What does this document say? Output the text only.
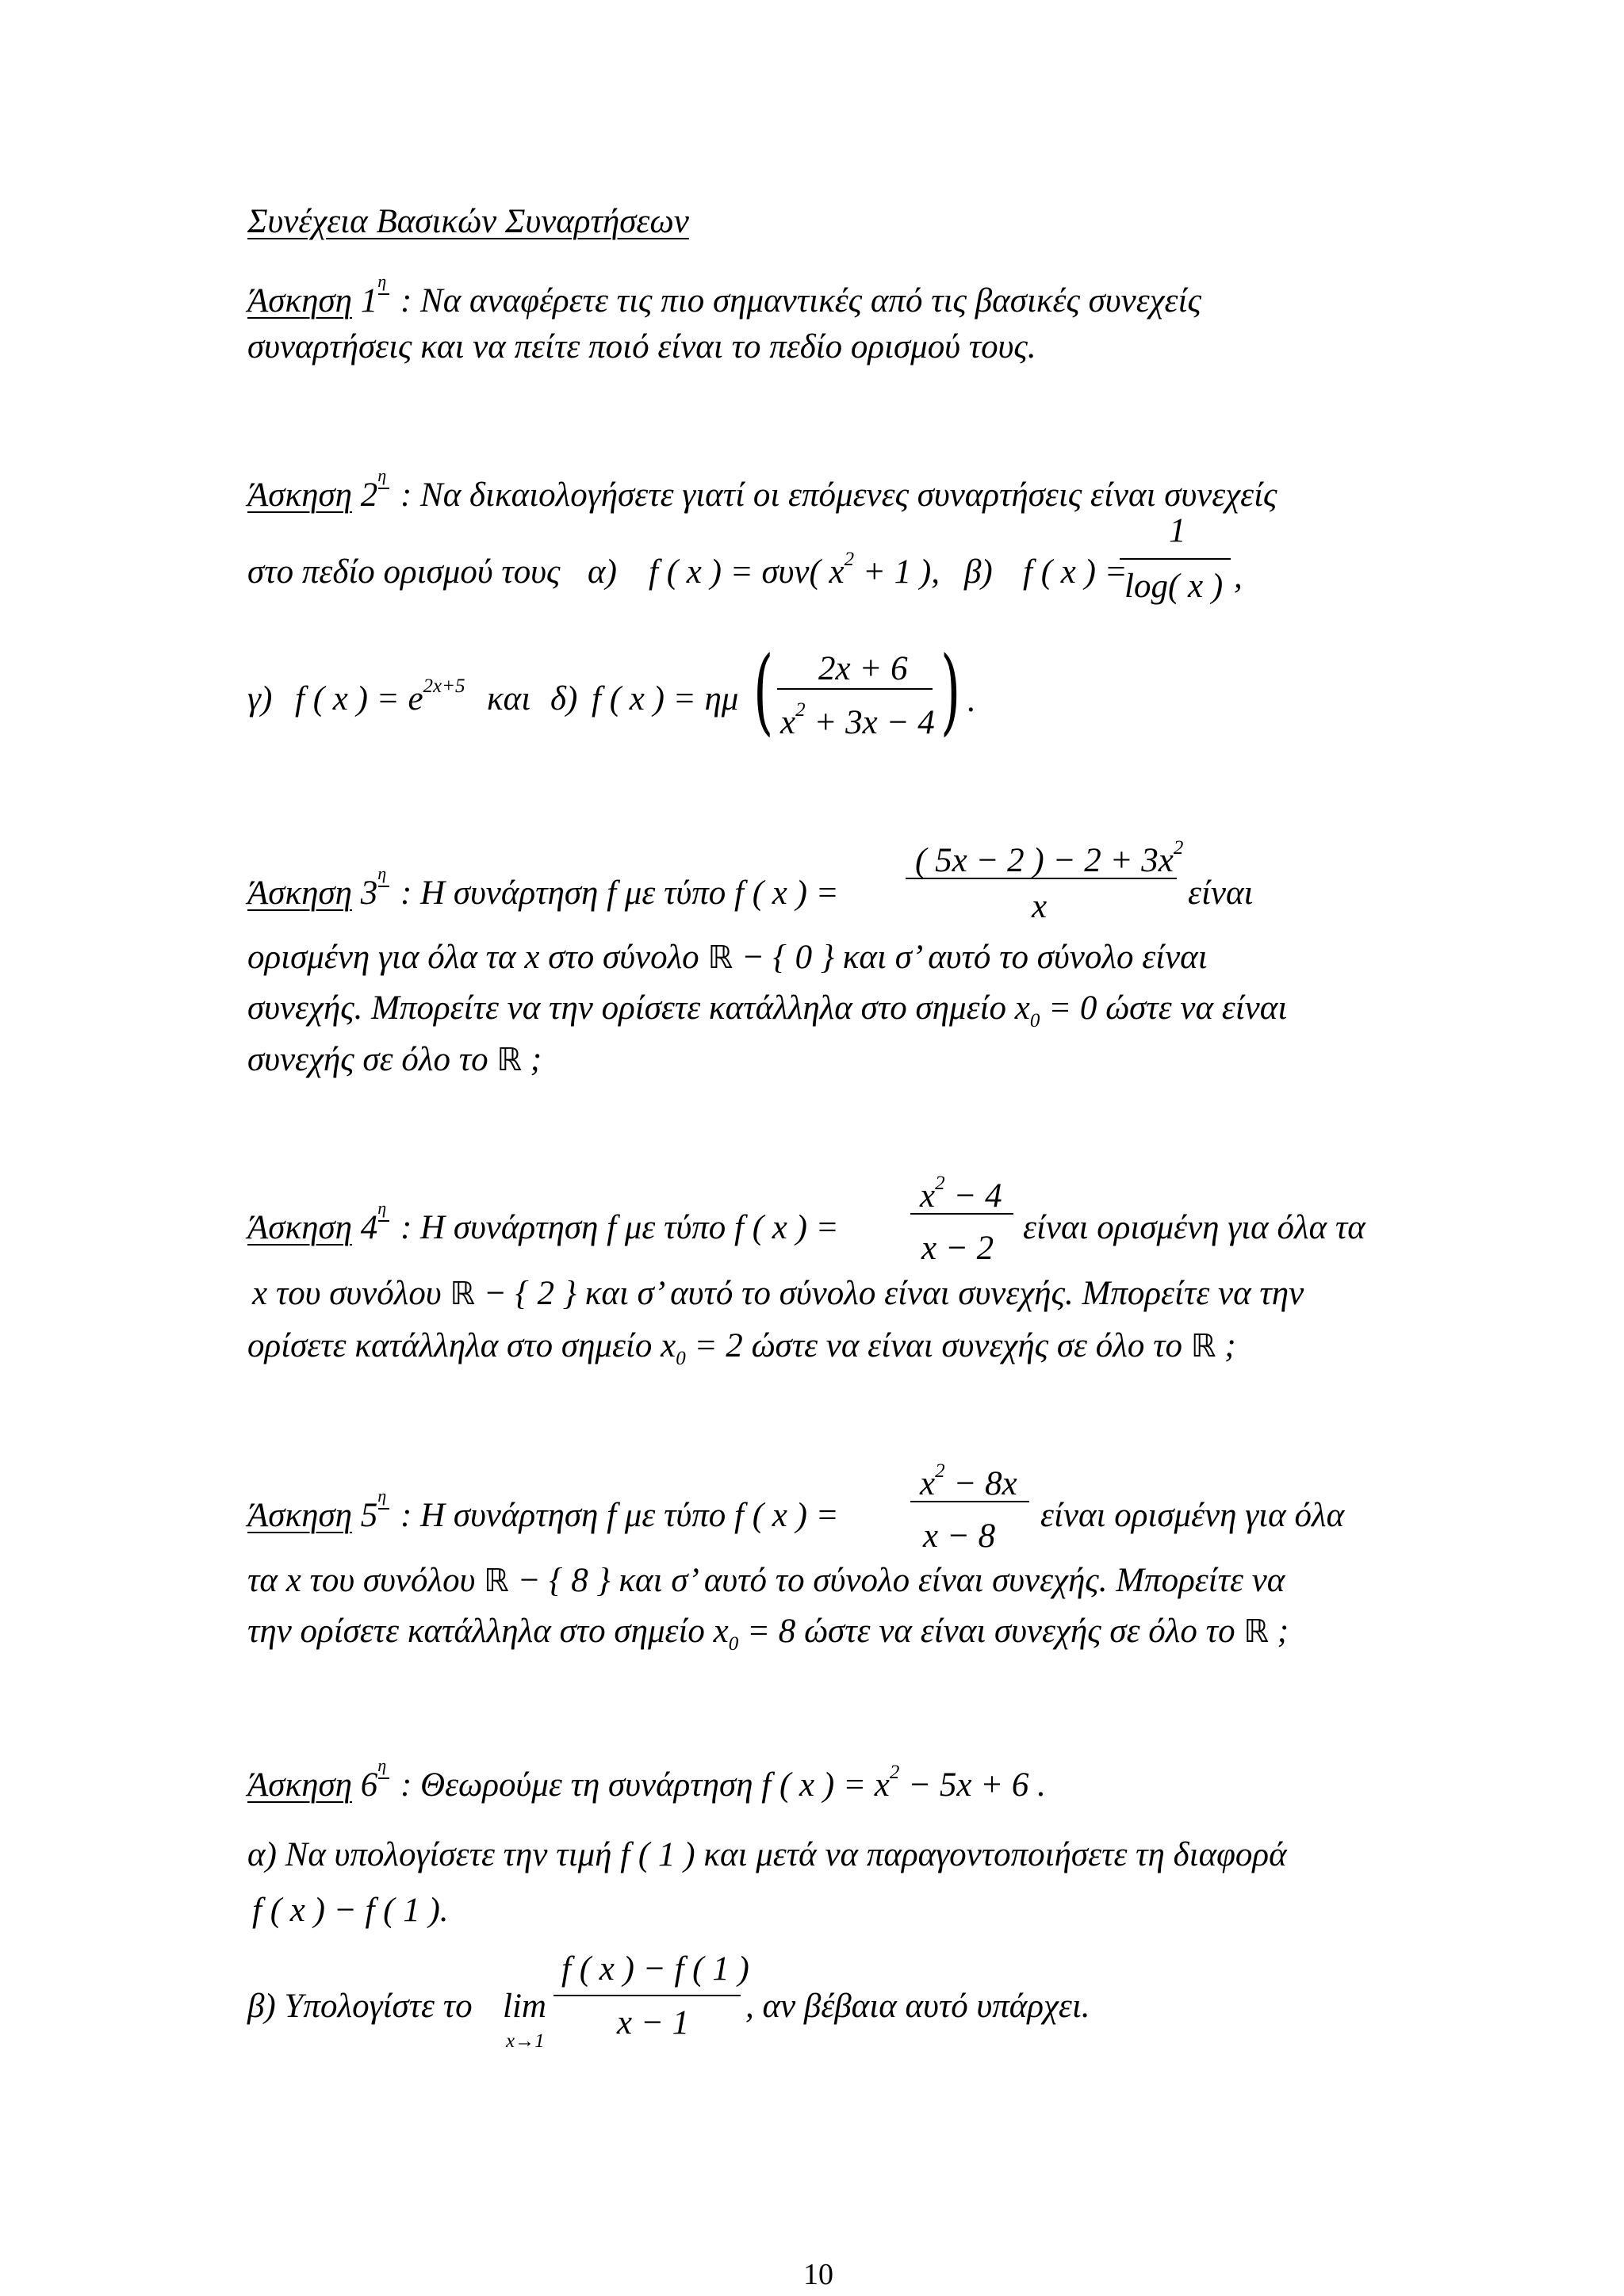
Συνέχεια Βασικών Συναρτήσεων
Άσκηση 1
η
: Να αναφέρετε τις πιο σημαντικές από τις βασικές συνεχείς
συναρτήσεις και να πείτε ποιό είναι το πεδίο ορισμού τους.
Άσκηση 2
η
: Να δικαιολογήσετε γιατί οι επόμενες συναρτήσεις είναι συνεχείς
στο πεδίο ορισμού τους α) f ( x ) = συν( $x^2 + 1$ ), β) f ( x ) =
1
log( x ) ,
γ) f ( x ) = $e^{2x+5}$ και δ) f ( x ) = ημ ( 2x + 6
$x^2 + 3x - 4$ ) .
Άσκηση 3
η
: Η συνάρτηση f με τύπο f ( x ) =
( 5x − 2 ) − $2 + 3x^2$
x	είναι
ορισμένη για όλα τα x στο σύνολο ℝ − { 0 } και σ’ αυτό το σύνολο είναι
συνεχής. Μπορείτε να την ορίσετε κατάλληλα στο σημείο $x_0 = 0$ ώστε να είναι
συνεχής σε όλο το ℝ ;
Άσκηση 4
η
: Η συνάρτηση f με τύπο f ( x ) =
$x^2 - 4$
x − 2
είναι ορισμένη για όλα τα
x του συνόλου ℝ − { 2 } και σ’ αυτό το σύνολο είναι συνεχής. Μπορείτε να την
ορίσετε κατάλληλα στο σημείο $x_0 = 2$ ώστε να είναι συνεχής σε όλο το ℝ ;
Άσκηση 5
η
: Η συνάρτηση f με τύπο f ( x ) =
$x^2 - 8x$
x − 8
είναι ορισμένη για όλα
τα x του συνόλου ℝ − { 8 } και σ’ αυτό το σύνολο είναι συνεχής. Μπορείτε να
την ορίσετε κατάλληλα στο σημείο $x_0 = 8$ ώστε να είναι συνεχής σε όλο το ℝ ;
Άσκηση 6
η
: Θεωρούμε τη συνάρτηση f ( x ) = $x^2 - 5x + 6$ .
α) Να υπολογίσετε την τιμή f ( 1 ) και μετά να παραγοντοποιήσετε τη διαφορά
f ( x ) − f ( 1 ).
β) Υπολογίστε το lim
x→1
f ( x ) − f ( 1 )
x − 1 , αν βέβαια αυτό υπάρχει.
10
